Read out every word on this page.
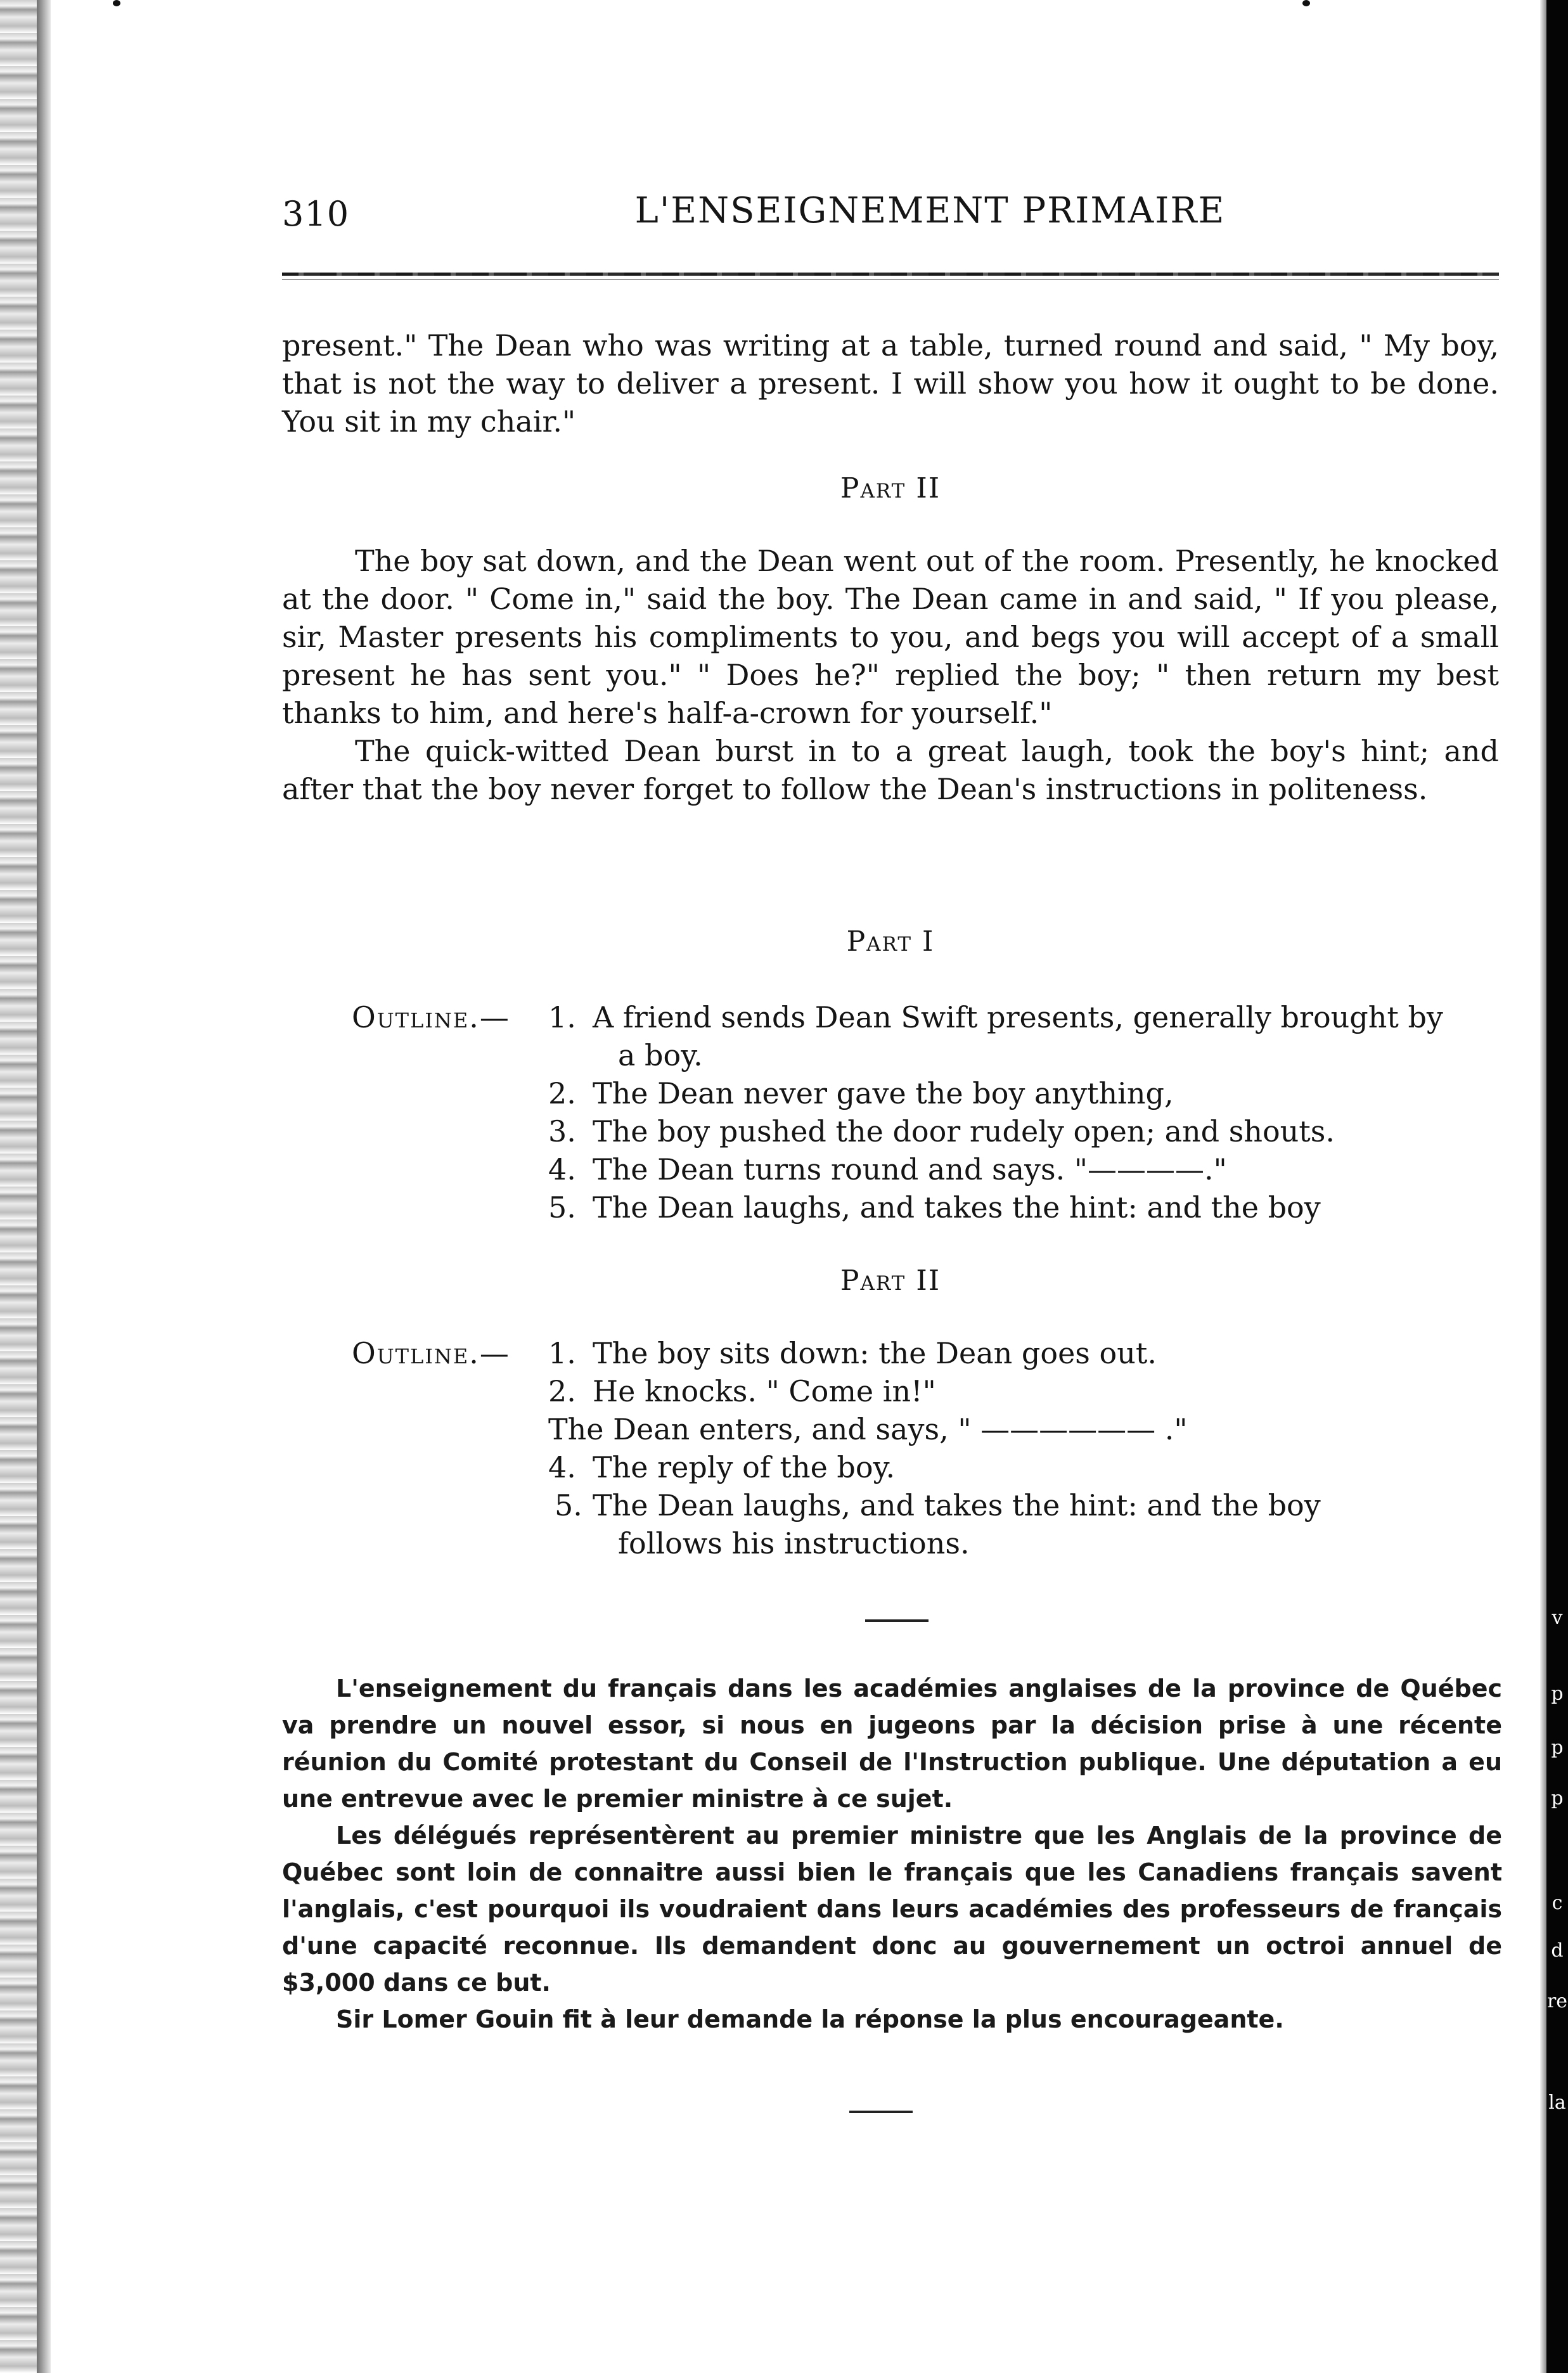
310	L'ENSEIGNEMENT PRIMAIRE

present." The Dean who was writing at a table, turned round and said, " My boy, that is not the way to deliver a present. I will show you how it ought to be done. You sit in my chair."

Part II

The boy sat down, and the Dean went out of the room. Presently, he knocked at the door. " Come in," said the boy. The Dean came in and said, " If you please, sir, Master presents his compliments to you, and begs you will accept of a small present he has sent you." " Does he?" replied the boy; " then return my best thanks to him, and here's half-a-crown for yourself."

The quick-witted Dean burst in to a great laugh, took the boy's hint; and after that the boy never forget to follow the Dean's instructions in politeness.

Part I
Outline.— 1. A friend sends Dean Swift presents, generally brought by
a boy.
2. The Dean never gave the boy anything,
3. The boy pushed the door rudely open; and shouts.
4. The Dean turns round and says. "————."
5. The Dean laughs, and takes the hint: and the boy
Part II
Outline.— 1. The boy sits down: the Dean goes out.
2. He knocks. " Come in!"
The Dean enters, and says, " —————— ."
4. The reply of the boy.
5. The Dean laughs, and takes the hint: and the boy
follows his instructions.

L'enseignement du français dans les académies anglaises de la province de Québec va prendre un nouvel essor, si nous en jugeons par la décision prise à une récente réunion du Comité protestant du Conseil de l'Instruction publique. Une députation a eu une entrevue avec le premier ministre à ce sujet.

Les délégués représentèrent au premier ministre que les Anglais de la province de Québec sont loin de connaitre aussi bien le français que les Canadiens français savent l'anglais, c'est pourquoi ils voudraient dans leurs académies des professeurs de français d'une capacité reconnue. Ils demandent donc au gouvernement un octroi annuel de $3,000 dans ce but.

Sir Lomer Gouin fit à leur demande la réponse la plus encourageante.

v
p
p
p
c
d
re
la
